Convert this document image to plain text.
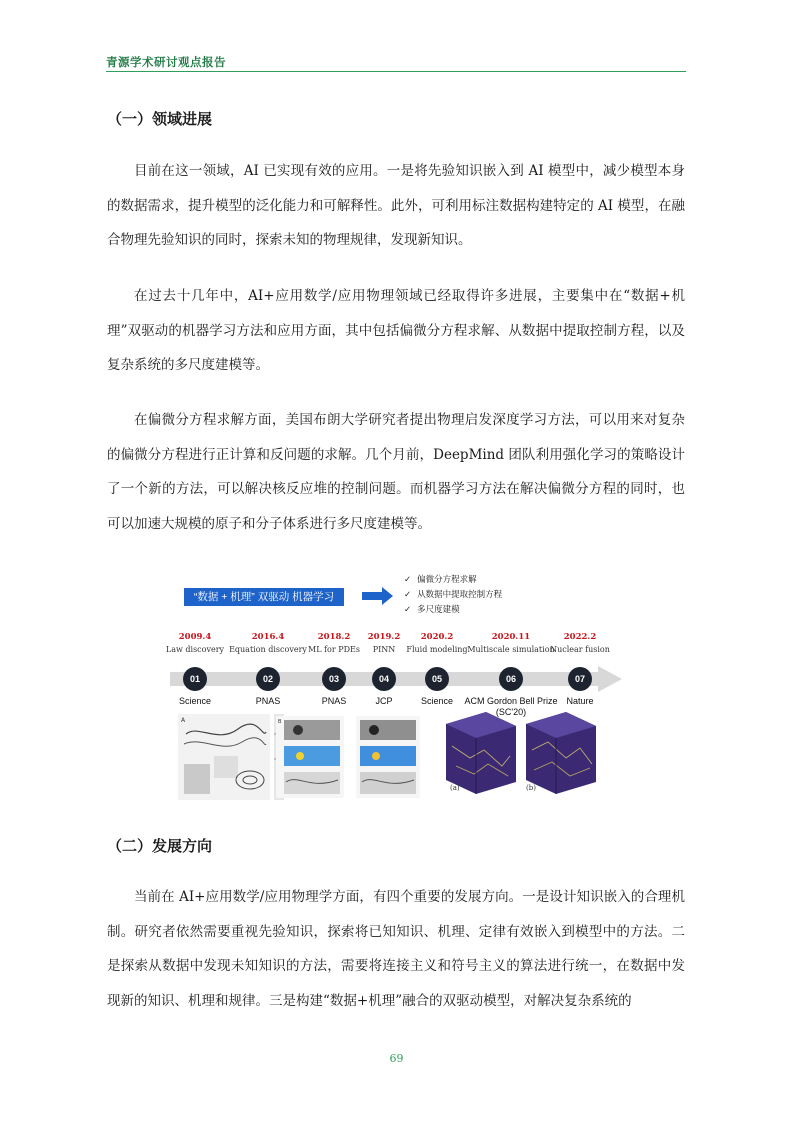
青源学术研讨观点报告
（一）领域进展

目前在这一领域，AI 已实现有效的应用。一是将先验知识嵌入到 AI 模型中，减少模型本身的数据需求，提升模型的泛化能力和可解释性。此外，可利用标注数据构建特定的 AI 模型，在融合物理先验知识的同时，探索未知的物理规律，发现新知识。

在过去十几年中，AI+应用数学/应用物理领域已经取得许多进展，主要集中在“数据+机理”双驱动的机器学习方法和应用方面，其中包括偏微分方程求解、从数据中提取控制方程，以及复杂系统的多尺度建模等。

在偏微分方程求解方面，美国布朗大学研究者提出物理启发深度学习方法，可以用来对复杂的偏微分方程进行正计算和反问题的求解。几个月前，DeepMind 团队利用强化学习的策略设计了一个新的方法，可以解决核反应堆的控制问题。而机器学习方法在解决偏微分方程的同时，也可以加速大规模的原子和分子体系进行多尺度建模等。

“数据 + 机理” 双驱动 机器学习
✓ 偏微分方程求解
✓ 从数据中提取控制方程
✓ 多尺度建模
2009.4
Law discovery
01
Science
2016.4
Equation discovery
02
PNAS
2018.2
ML for PDEs
03
PNAS
2019.2
PINN
04
JCP
2020.2
Fluid modeling
05
Science
2020.11
Multiscale simulation
06
ACM Gordon Bell Prize (SC'20)
2022.2
Nuclear fusion
07
Nature
A	B
(a)	(b)
（二）发展方向

当前在 AI+应用数学/应用物理学方面，有四个重要的发展方向。一是设计知识嵌入的合理机制。研究者依然需要重视先验知识，探索将已知知识、机理、定律有效嵌入到模型中的方法。二是探索从数据中发现未知知识的方法，需要将连接主义和符号主义的算法进行统一，在数据中发现新的知识、机理和规律。三是构建“数据+机理”融合的双驱动模型，对解决复杂系统的

69
